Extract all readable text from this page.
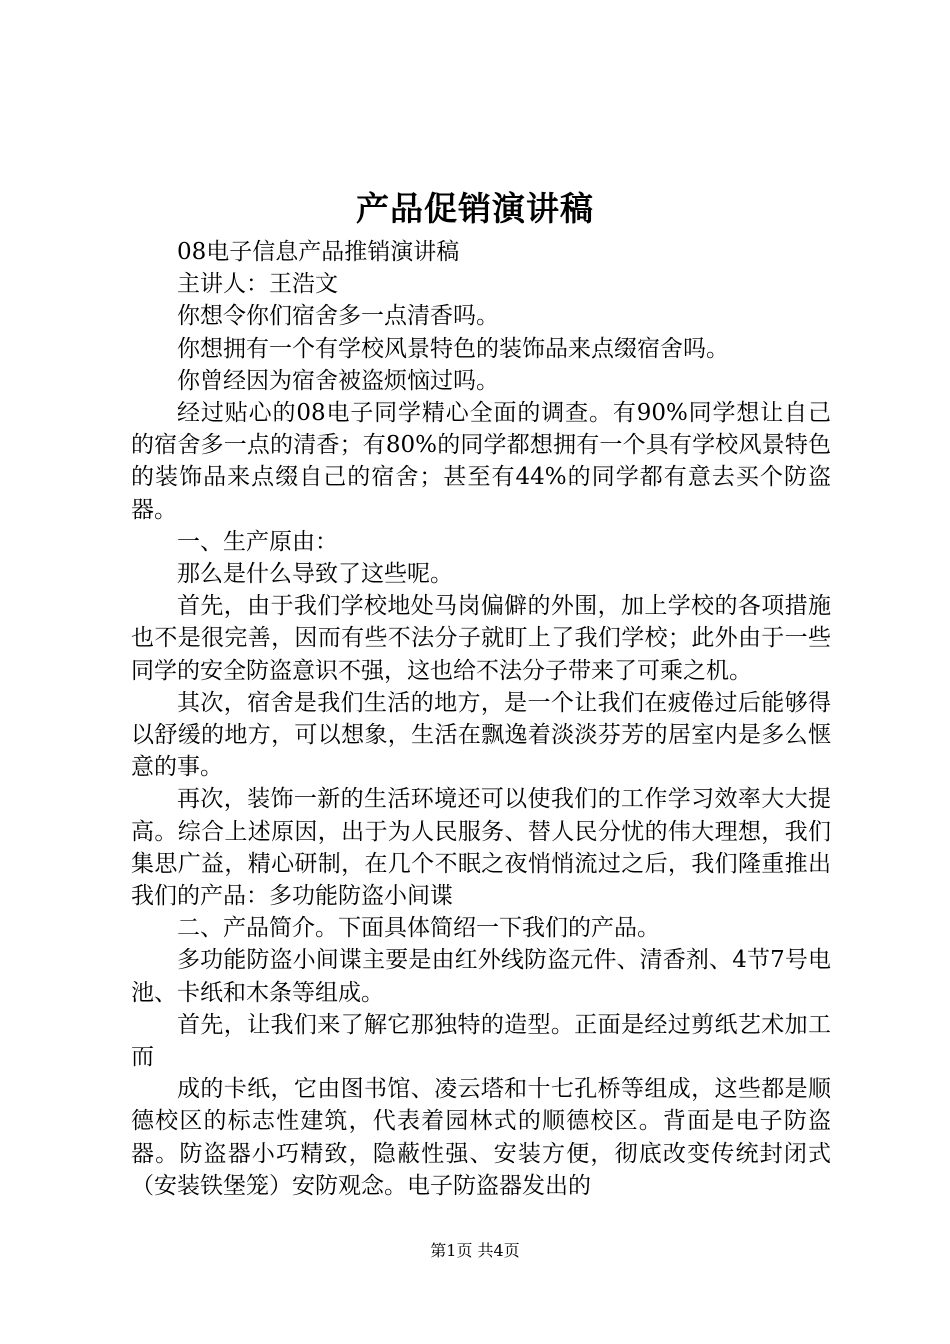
产品促销演讲稿

08电子信息产品推销演讲稿

主讲人：王浩文

你想令你们宿舍多一点清香吗。

你想拥有一个有学校风景特色的装饰品来点缀宿舍吗。

你曾经因为宿舍被盗烦恼过吗。

经过贴心的08电子同学精心全面的调查。有90%同学想让自己的宿舍多一点的清香；有80%的同学都想拥有一个具有学校风景特色的装饰品来点缀自己的宿舍；甚至有44%的同学都有意去买个防盗器。

一、生产原由：

那么是什么导致了这些呢。

首先，由于我们学校地处马岗偏僻的外围，加上学校的各项措施也不是很完善，因而有些不法分子就盯上了我们学校；此外由于一些同学的安全防盗意识不强，这也给不法分子带来了可乘之机。

其次，宿舍是我们生活的地方，是一个让我们在疲倦过后能够得以舒缓的地方，可以想象，生活在飘逸着淡淡芬芳的居室内是多么惬意的事。

再次，装饰一新的生活环境还可以使我们的工作学习效率大大提高。综合上述原因，出于为人民服务、替人民分忧的伟大理想，我们集思广益，精心研制，在几个不眠之夜悄悄流过之后，我们隆重推出我们的产品：多功能防盗小间谍

二、产品简介。下面具体简绍一下我们的产品。

多功能防盗小间谍主要是由红外线防盗元件、清香剂、4节7号电池、卡纸和木条等组成。

首先，让我们来了解它那独特的造型。正面是经过剪纸艺术加工而

成的卡纸，它由图书馆、凌云塔和十七孔桥等组成，这些都是顺德校区的标志性建筑，代表着园林式的顺德校区。背面是电子防盗器。防盗器小巧精致，隐蔽性强、安装方便，彻底改变传统封闭式（安装铁堡笼）安防观念。电子防盗器发出的

第1页 共4页
